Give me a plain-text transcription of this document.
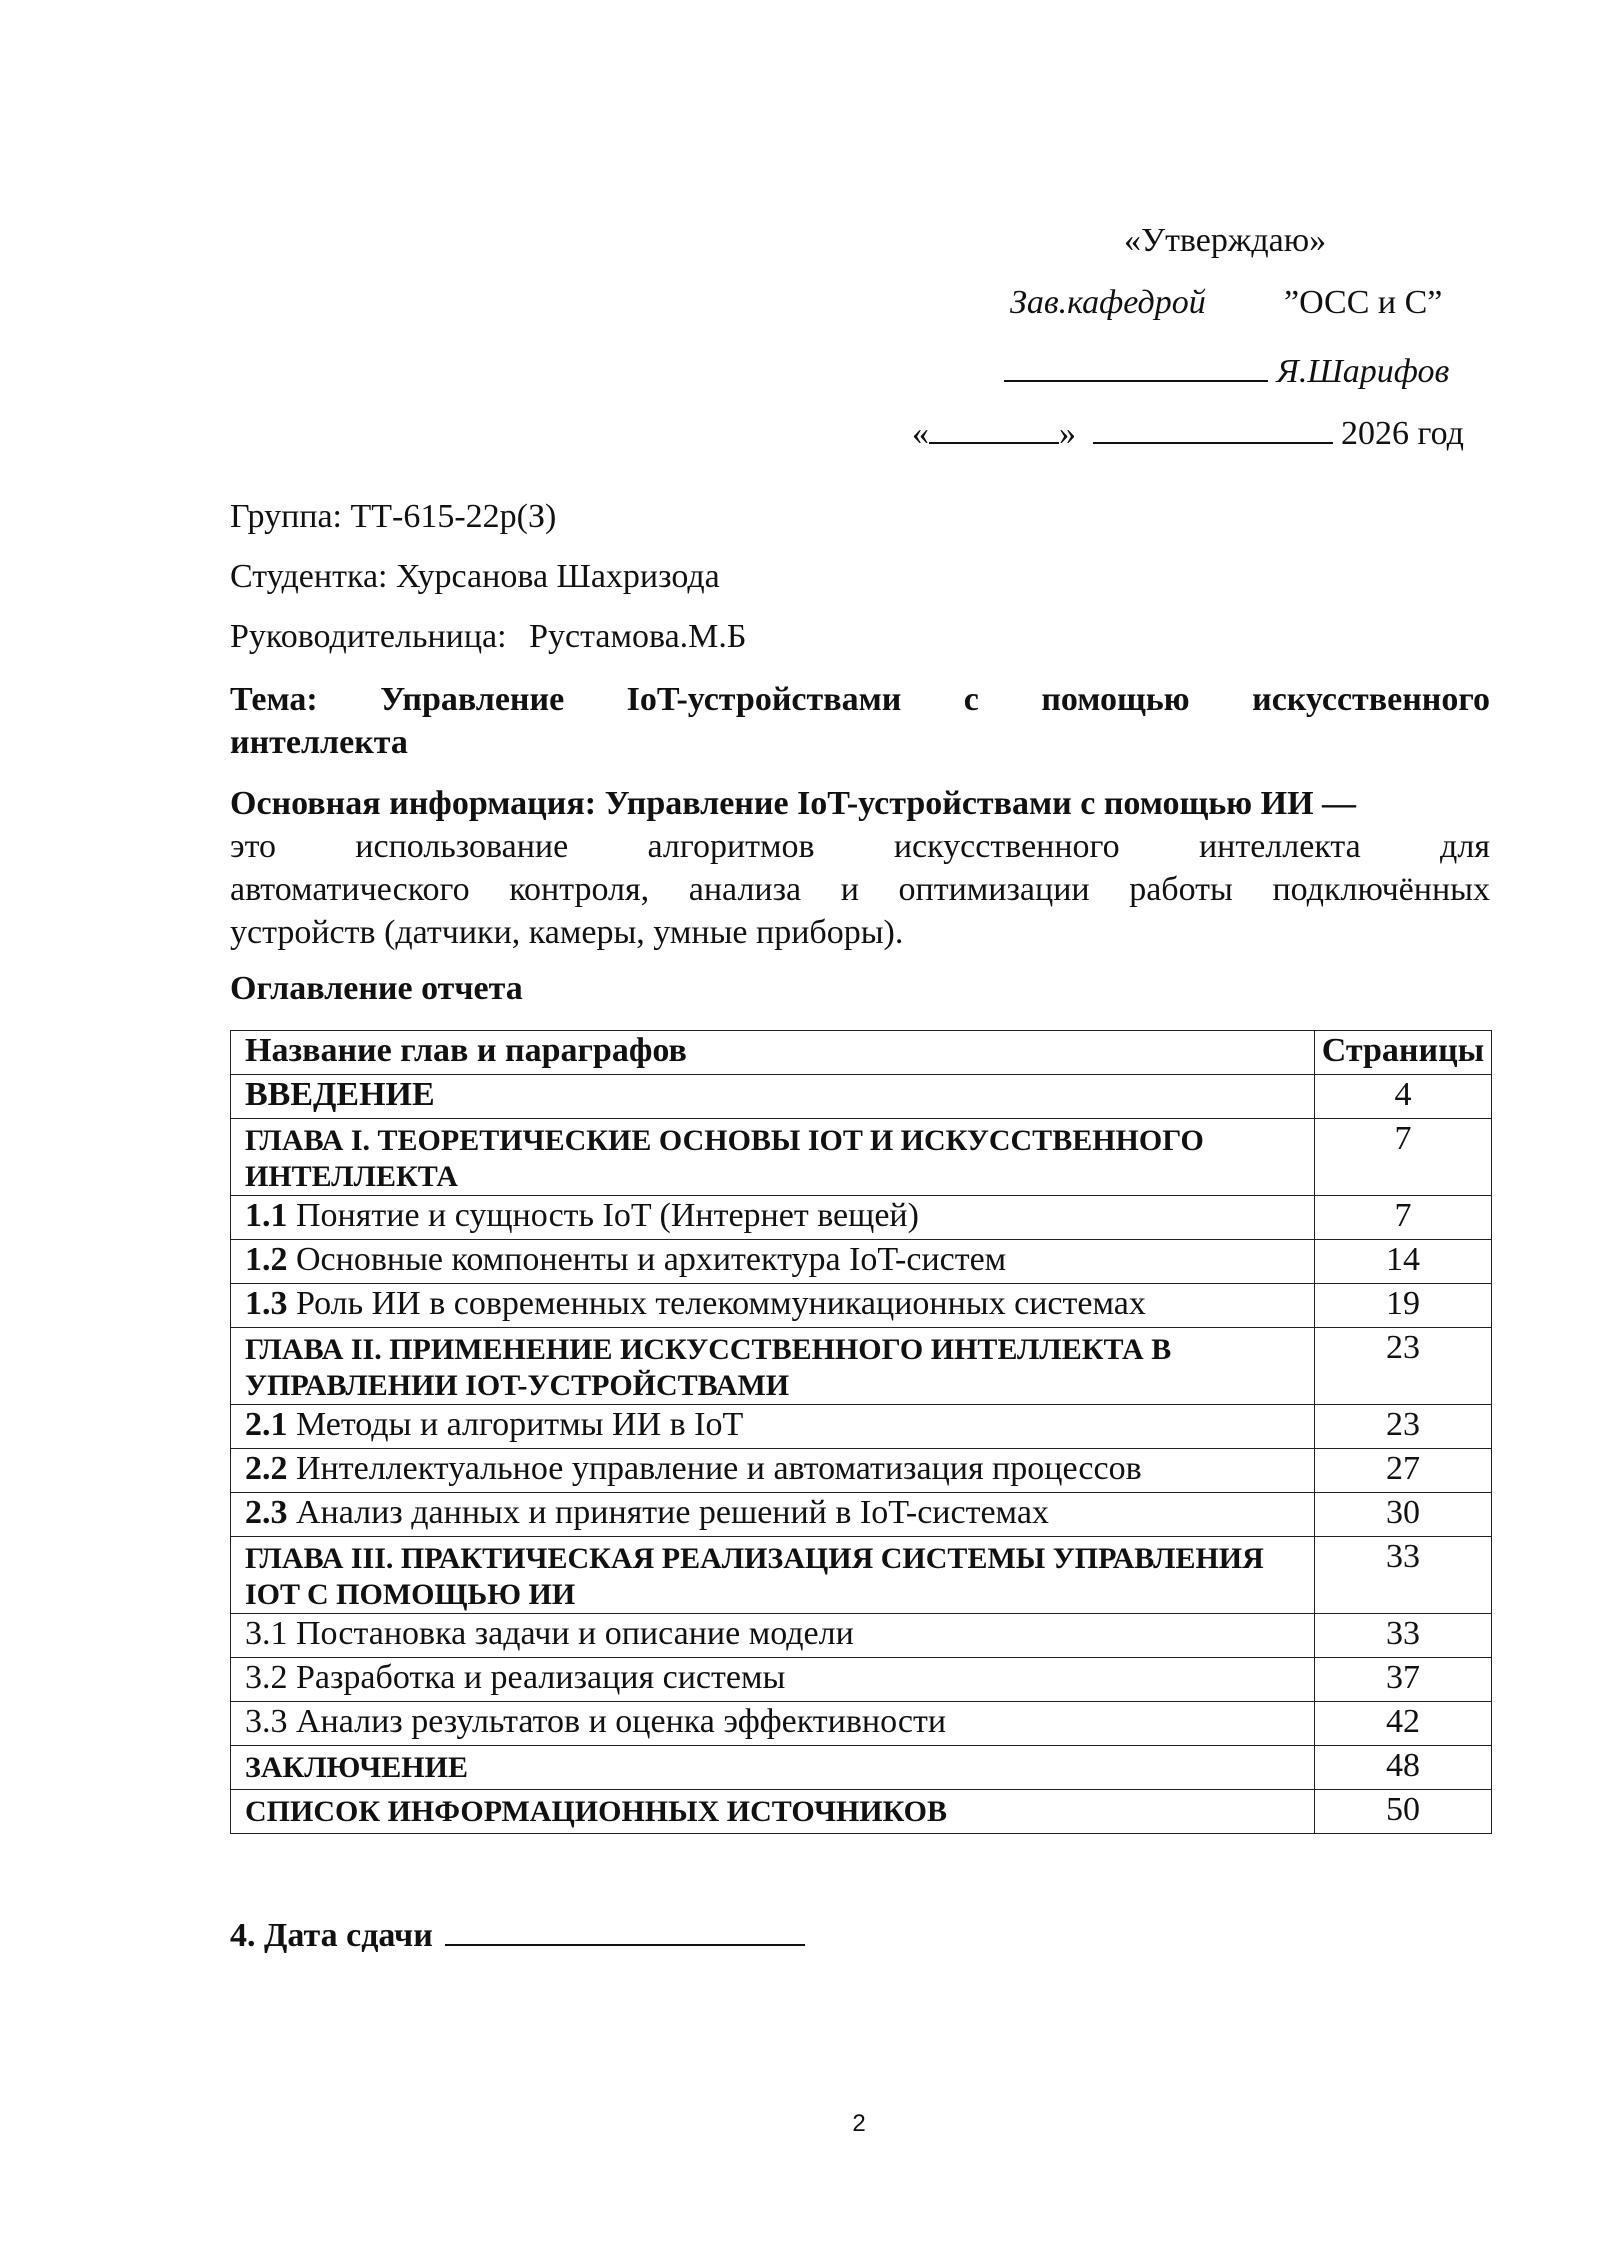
«Утверждаю»
Зав.кафедрой ”ОСС и С”
Я.Шарифов
«	»	2026 год
Группа: ТТ-615-22р(З)
Студентка: Хурсанова Шахризода
Руководительница: Рустамова.М.Б
Тема: Управление IoT-устройствами с помощью искусственного
интеллекта
Основная информация: Управление IoT-устройствами с помощью ИИ —
это использование алгоритмов искусственного интеллекта для
автоматического контроля, анализа и оптимизации работы подключённых
устройств (датчики, камеры, умные приборы).
Оглавление отчета
Название глав и параграфов	Страницы
ВВЕДЕНИЕ	4

ГЛАВА I. ТЕОРЕТИЧЕСКИЕ ОСНОВЫ IOT И ИСКУССТВЕННОГО ИНТЕЛЛЕКТА	7
1.1 Понятие и сущность IoT (Интернет вещей)	7
1.2 Основные компоненты и архитектура IoT-систем	14
1.3 Роль ИИ в современных телекоммуникационных системах	19

ГЛАВА II. ПРИМЕНЕНИЕ ИСКУССТВЕННОГО ИНТЕЛЛЕКТА В УПРАВЛЕНИИ IOT-УСТРОЙСТВАМИ	23
2.1 Методы и алгоритмы ИИ в IoT	23
2.2 Интеллектуальное управление и автоматизация процессов	27
2.3 Анализ данных и принятие решений в IoT-системах	30

ГЛАВА III. ПРАКТИЧЕСКАЯ РЕАЛИЗАЦИЯ СИСТЕМЫ УПРАВЛЕНИЯ IOT С ПОМОЩЬЮ ИИ	33
3.1 Постановка задачи и описание модели	33
3.2 Разработка и реализация системы	37
3.3 Анализ результатов и оценка эффективности	42

ЗАКЛЮЧЕНИЕ	48

СПИСОК ИНФОРМАЦИОННЫХ ИСТОЧНИКОВ	50
4. Дата сдачи
2
